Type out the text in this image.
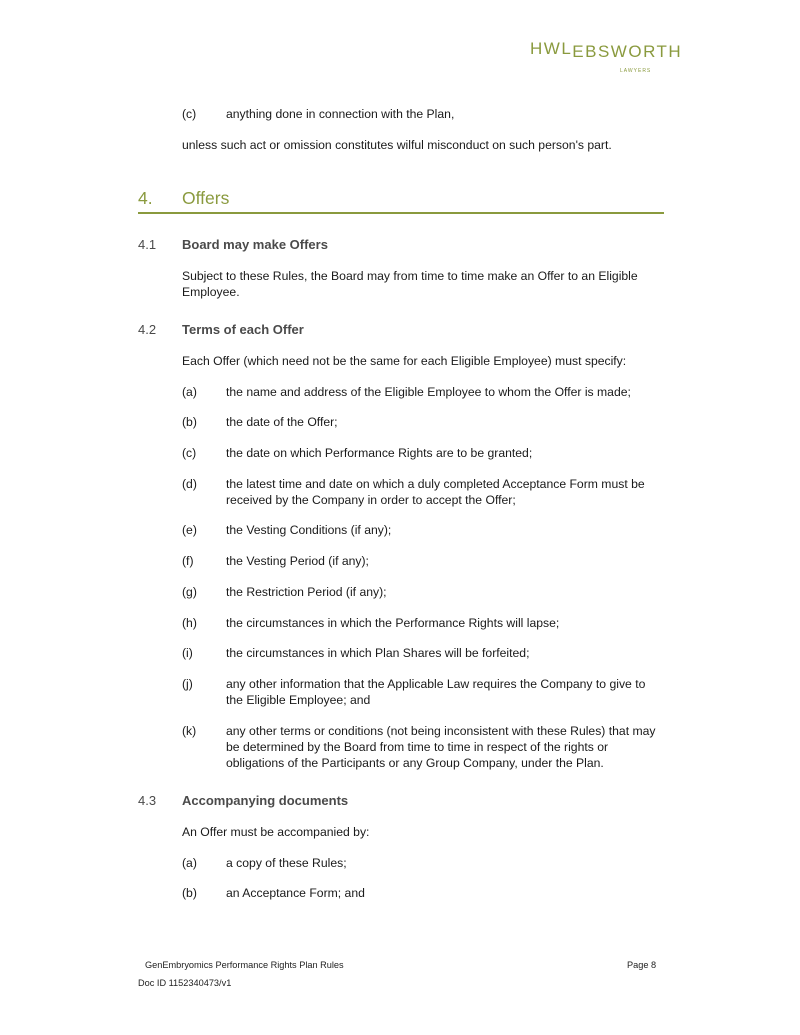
HWLEBSWORTH
LAWYERS
(c) anything done in connection with the Plan,
unless such act or omission constitutes wilful misconduct on such person's part.
4. Offers
4.1 Board may make Offers
Subject to these Rules, the Board may from time to time make an Offer to an Eligible
Employee.
4.2 Terms of each Offer
Each Offer (which need not be the same for each Eligible Employee) must specify:
(a) the name and address of the Eligible Employee to whom the Offer is made;
(b) the date of the Offer;
(c) the date on which Performance Rights are to be granted;
(d) the latest time and date on which a duly completed Acceptance Form must be
received by the Company in order to accept the Offer;
(e) the Vesting Conditions (if any);
(f)	the Vesting Period (if any);
(g) the Restriction Period (if any);
(h) the circumstances in which the Performance Rights will lapse;
(i)	the circumstances in which Plan Shares will be forfeited;
(j)	any other information that the Applicable Law requires the Company to give to
the Eligible Employee; and
(k) any other terms or conditions (not being inconsistent with these Rules) that may
be determined by the Board from time to time in respect of the rights or
obligations of the Participants or any Group Company, under the Plan.
4.3 Accompanying documents
An Offer must be accompanied by:
(a) a copy of these Rules;
(b) an Acceptance Form; and
GenEmbryomics Performance Rights Plan Rules	Page 8
Doc ID 1152340473/v1
